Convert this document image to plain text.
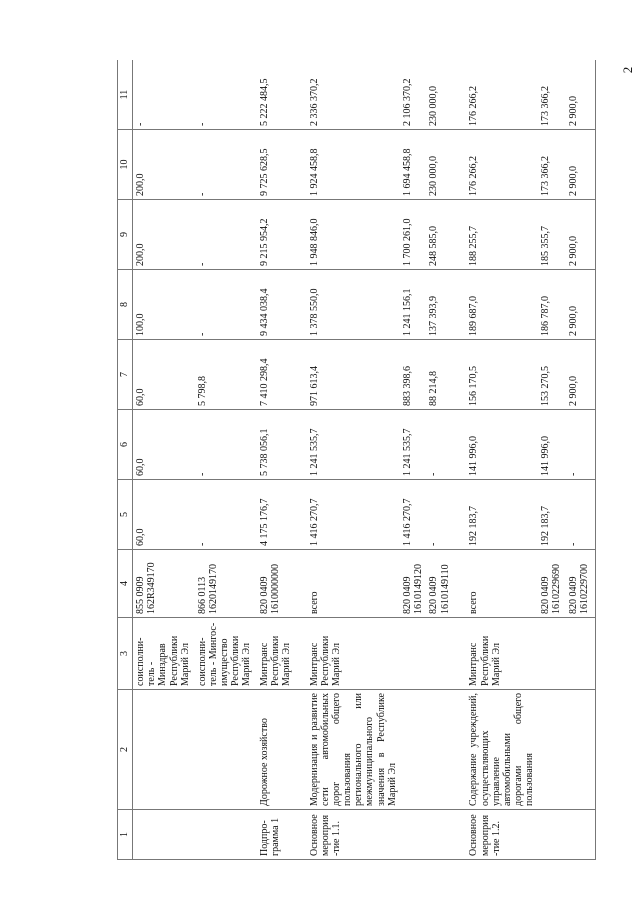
2
1	2	3	4	5	6	7	8	9	10	11
		соисполни-тель - Минздрав Республики Марий Эл	855 0909 162R349170	60,0	60,0	60,0	100,0	200,0	200,0	-
		соисполни-тель - Мингос-имущество Республики Марий Эл	866 0113 1620149170	-	-	5 798,8	-	-	-	-
Подпро-грамма 1	Дорожное хозяйство	Минтранс Республики Марий Эл	820 0409 1610000000	4 175 176,7	5 738 056,1	7 410 298,4	9 434 038,4	9 215 954,2	9 725 628,5	5 222 484,5
Основное мероприя-тие 1.1.	Модернизация и развитие сети автомобильных дорог общего пользования регионального или межмуниципального значения в Республике Марий Эл	Минтранс Республики Марий Эл	всего	1 416 270,7	1 241 535,7	971 613,4	1 378 550,0	1 948 846,0	1 924 458,8	2 336 370,2
			820 0409 1610149120	1 416 270,7	1 241 535,7	883 398,6	1 241 156,1	1 700 261,0	1 694 458,8	2 106 370,2
			820 0409 1610149110	-	-	88 214,8	137 393,9	248 585,0	230 000,0	230 000,0
Основное мероприя-тие 1.2.	Содержание учреждений, осуществляющих управление автомобильными дорогами общего пользования	Минтранс Республики Марий Эл	всего	192 183,7	141 996,0	156 170,5	189 687,0	188 255,7	176 266,2	176 266,2
			820 0409 1610229690	192 183,7	141 996,0	153 270,5	186 787,0	185 355,7	173 366,2	173 366,2
			820 0409 1610229700	-	-	2 900,0	2 900,0	2 900,0	2 900,0	2 900,0
